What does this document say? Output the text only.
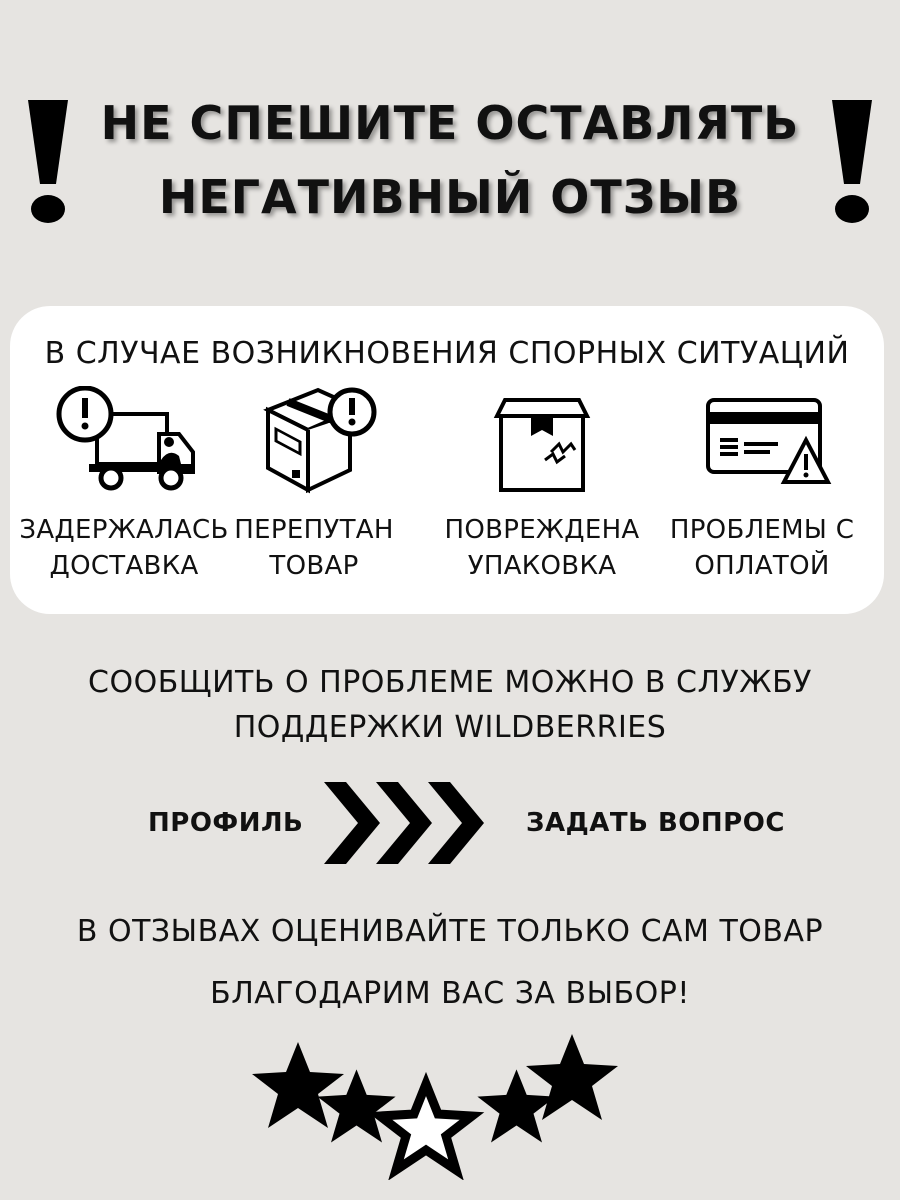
НЕ СПЕШИТЕ ОСТАВЛЯТЬ
НЕГАТИВНЫЙ ОТЗЫВ
В СЛУЧАЕ ВОЗНИКНОВЕНИЯ СПОРНЫХ СИТУАЦИЙ
ЗАДЕРЖАЛАСЬ
ДОСТАВКА
ПЕРЕПУТАН
ТОВАР
ПОВРЕЖДЕНА
УПАКОВКА
ПРОБЛЕМЫ С
ОПЛАТОЙ
СООБЩИТЬ О ПРОБЛЕМЕ МОЖНО В СЛУЖБУ
ПОДДЕРЖКИ WILDBERRIES
ПРОФИЛЬ	ЗАДАТЬ ВОПРОС
В ОТЗЫВАХ ОЦЕНИВАЙТЕ ТОЛЬКО САМ ТОВАР
БЛАГОДАРИМ ВАС ЗА ВЫБОР!
